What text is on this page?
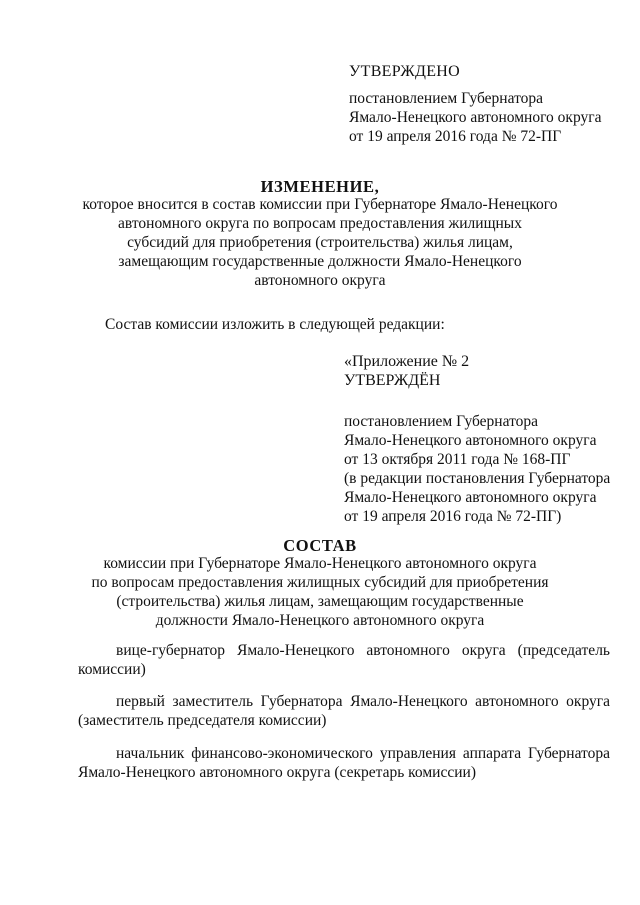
УТВЕРЖДЕНО
постановлением Губернатора
Ямало-Ненецкого автономного округа
от 19 апреля 2016 года № 72-ПГ
ИЗМЕНЕНИЕ,
которое вносится в состав комиссии при Губернаторе Ямало-Ненецкого
автономного округа по вопросам предоставления жилищных
субсидий для приобретения (строительства) жилья лицам,
замещающим государственные должности Ямало-Ненецкого
автономного округа
Состав комиссии изложить в следующей редакции:
«Приложение № 2
УТВЕРЖДЁН
постановлением Губернатора
Ямало-Ненецкого автономного округа
от 13 октября 2011 года № 168-ПГ
(в редакции постановления Губернатора
Ямало-Ненецкого автономного округа
от 19 апреля 2016 года № 72-ПГ)
СОСТАВ
комиссии при Губернаторе Ямало-Ненецкого автономного округа
по вопросам предоставления жилищных субсидий для приобретения
(строительства) жилья лицам, замещающим государственные
должности Ямало-Ненецкого автономного округа
вице-губернатор Ямало-Ненецкого автономного округа (председатель
комиссии)
первый заместитель Губернатора Ямало-Ненецкого автономного округа
(заместитель председателя комиссии)
начальник финансово-экономического управления аппарата Губернатора
Ямало-Ненецкого автономного округа (секретарь комиссии)
